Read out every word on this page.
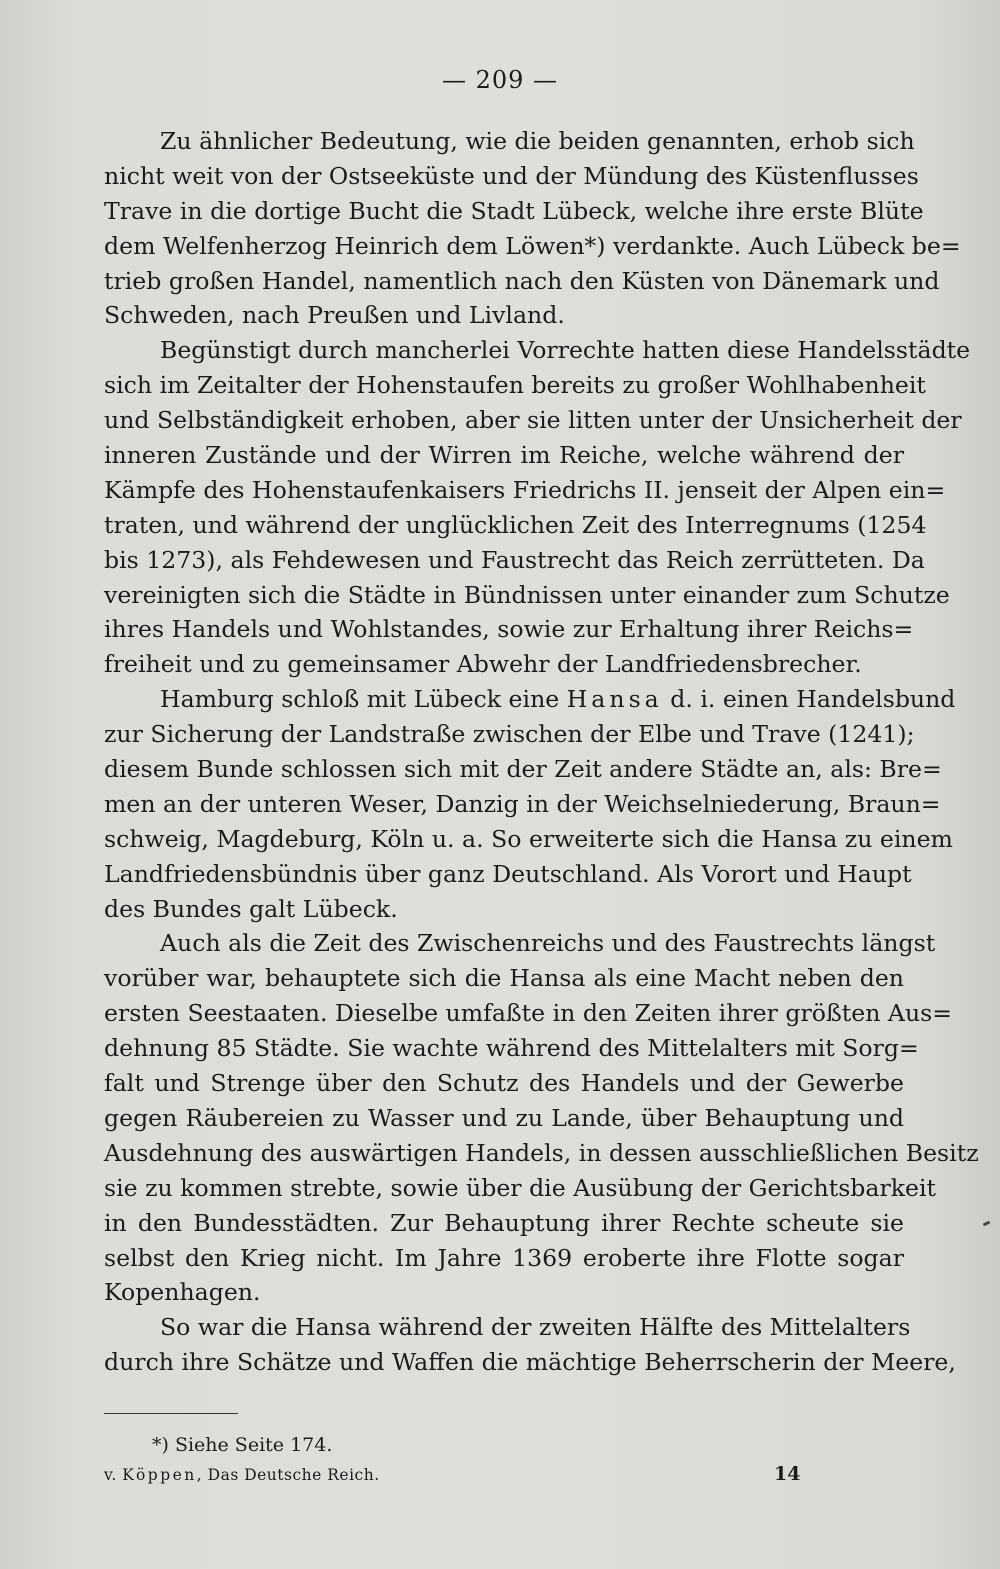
— 209 —
Zu ähnlicher Bedeutung, wie die beiden genannten, erhob sich
nicht weit von der Ostseeküste und der Mündung des Küstenflusses
Trave in die dortige Bucht die Stadt Lübeck, welche ihre erste Blüte
dem Welfenherzog Heinrich dem Löwen*) verdankte. Auch Lübeck be=
trieb großen Handel, namentlich nach den Küsten von Dänemark und
Schweden, nach Preußen und Livland.
Begünstigt durch mancherlei Vorrechte hatten diese Handelsstädte
sich im Zeitalter der Hohenstaufen bereits zu großer Wohlhabenheit
und Selbständigkeit erhoben, aber sie litten unter der Unsicherheit der
inneren Zustände und der Wirren im Reiche, welche während der
Kämpfe des Hohenstaufenkaisers Friedrichs II. jenseit der Alpen ein=
traten, und während der unglücklichen Zeit des Interregnums (1254
bis 1273), als Fehdewesen und Faustrecht das Reich zerrütteten. Da
vereinigten sich die Städte in Bündnissen unter einander zum Schutze
ihres Handels und Wohlstandes, sowie zur Erhaltung ihrer Reichs=
freiheit und zu gemeinsamer Abwehr der Landfriedensbrecher.
Hamburg schloß mit Lübeck eine Hansa d. i. einen Handelsbund
zur Sicherung der Landstraße zwischen der Elbe und Trave (1241);
diesem Bunde schlossen sich mit der Zeit andere Städte an, als: Bre=
men an der unteren Weser, Danzig in der Weichselniederung, Braun=
schweig, Magdeburg, Köln u. a. So erweiterte sich die Hansa zu einem
Landfriedensbündnis über ganz Deutschland. Als Vorort und Haupt
des Bundes galt Lübeck.
Auch als die Zeit des Zwischenreichs und des Faustrechts längst
vorüber war, behauptete sich die Hansa als eine Macht neben den
ersten Seestaaten. Dieselbe umfaßte in den Zeiten ihrer größten Aus=
dehnung 85 Städte. Sie wachte während des Mittelalters mit Sorg=
falt und Strenge über den Schutz des Handels und der Gewerbe
gegen Räubereien zu Wasser und zu Lande, über Behauptung und
Ausdehnung des auswärtigen Handels, in dessen ausschließlichen Besitz
sie zu kommen strebte, sowie über die Ausübung der Gerichtsbarkeit
in den Bundesstädten. Zur Behauptung ihrer Rechte scheute sie
selbst den Krieg nicht. Im Jahre 1369 eroberte ihre Flotte sogar
Kopenhagen.
So war die Hansa während der zweiten Hälfte des Mittelalters
durch ihre Schätze und Waffen die mächtige Beherrscherin der Meere,
*) Siehe Seite 174.
v. Köppen, Das Deutsche Reich.	14
